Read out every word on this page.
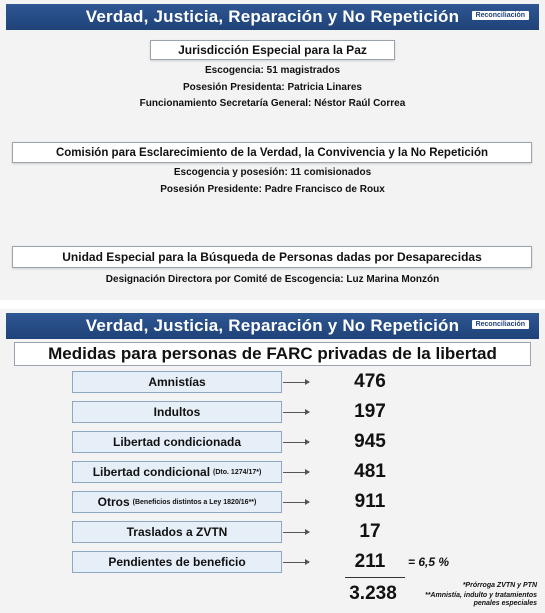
Verdad, Justicia, Reparación y No Repetición	Reconciliación
Jurisdicción Especial para la Paz
Escogencia: 51 magistrados
Posesión Presidenta: Patricia Linares
Funcionamiento Secretaría General: Néstor Raúl Correa
Comisión para Esclarecimiento de la Verdad, la Convivencia y la No Repetición
Escogencia y posesión: 11 comisionados
Posesión Presidente: Padre Francisco de Roux
Unidad Especial para la Búsqueda de Personas dadas por Desaparecidas
Designación Directora por Comité de Escogencia: Luz Marina Monzón
Verdad, Justicia, Reparación y No Repetición	Reconciliación
Medidas para personas de FARC privadas de la libertad
Amnistías	476
Indultos	197
Libertad condicionada	945
Libertad condicional (Dto. 1274/17*)	481
Otros (Beneficios distintos a Ley 1820/16**)	911
Traslados a ZVTN	17
Pendientes de beneficio	211	= 6,5 %
3.238	*Prórroga ZVTN y PTN
**Amnistía, indulto y tratamientos
penales especiales
